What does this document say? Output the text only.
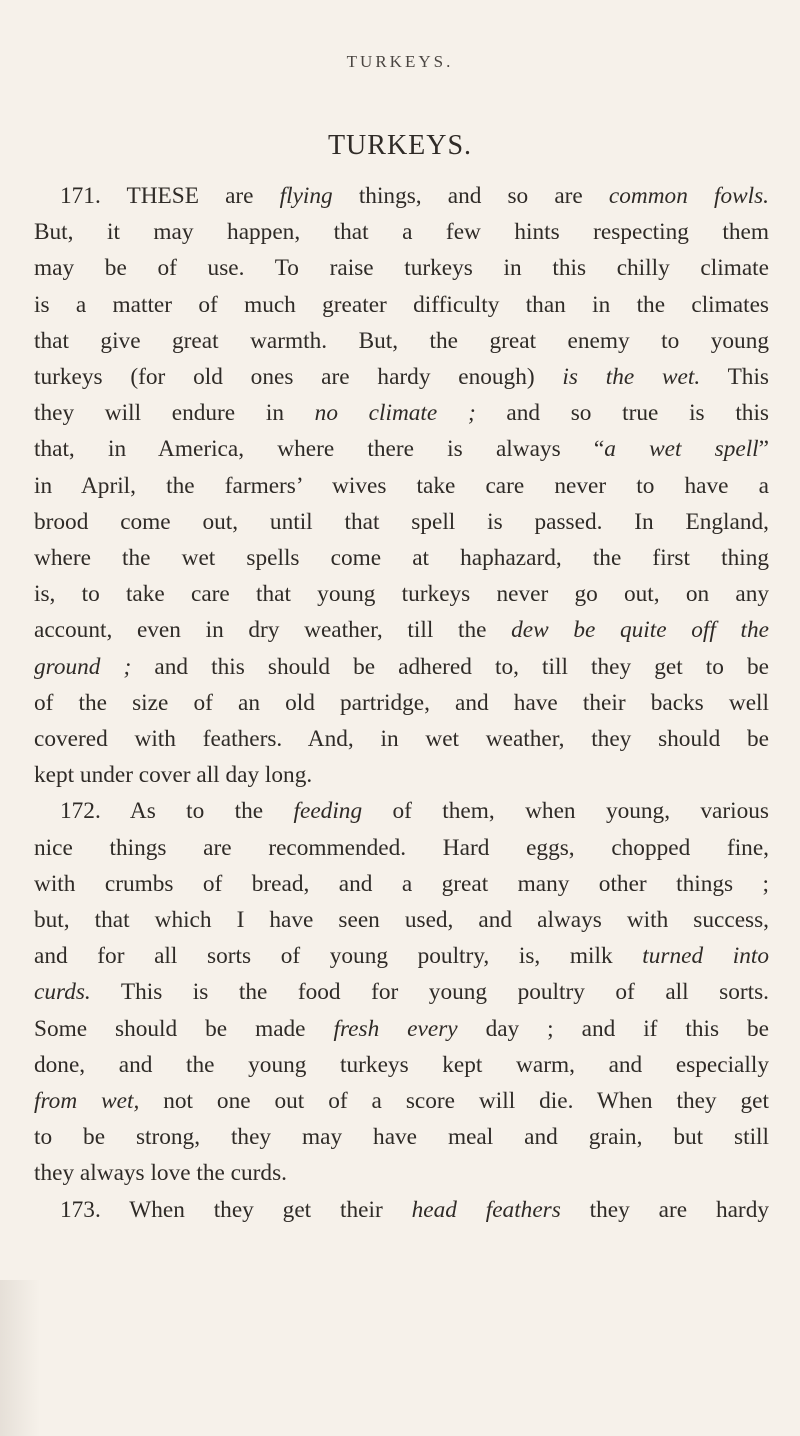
TURKEYS.
TURKEYS.
171. THESE are flying things, and so are common fowls.
But, it may happen, that a few hints respecting them
may be of use. To raise turkeys in this chilly climate
is a matter of much greater difficulty than in the climates
that give great warmth. But, the great enemy to young
turkeys (for old ones are hardy enough) is the wet. This
they will endure in no climate ; and so true is this
that, in America, where there is always “a wet spell”
in April, the farmers’ wives take care never to have a
brood come out, until that spell is passed. In England,
where the wet spells come at haphazard, the first thing
is, to take care that young turkeys never go out, on any
account, even in dry weather, till the dew be quite off the
ground ; and this should be adhered to, till they get to be
of the size of an old partridge, and have their backs well
covered with feathers. And, in wet weather, they should be
kept under cover all day long.
172. As to the feeding of them, when young, various
nice things are recommended. Hard eggs, chopped fine,
with crumbs of bread, and a great many other things ;
but, that which I have seen used, and always with success,
and for all sorts of young poultry, is, milk turned into
curds. This is the food for young poultry of all sorts.
Some should be made fresh every day ; and if this be
done, and the young turkeys kept warm, and especially
from wet, not one out of a score will die. When they get
to be strong, they may have meal and grain, but still
they always love the curds.
173. When they get their head feathers they are hardy
